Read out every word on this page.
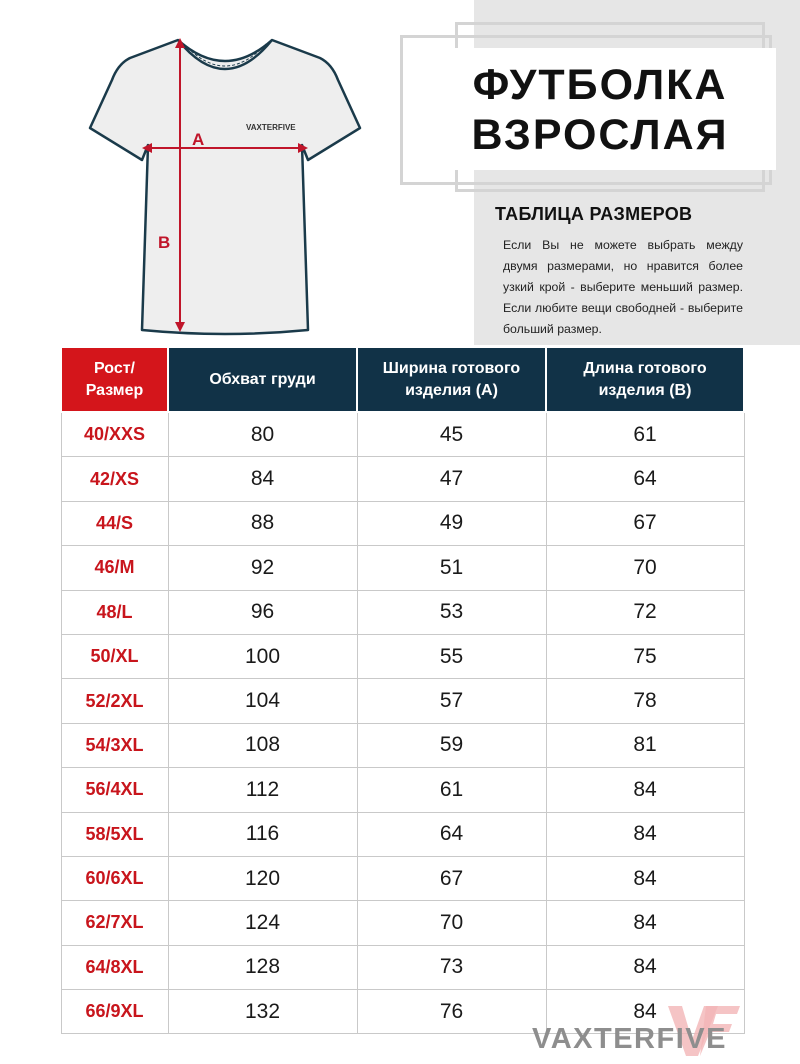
ФУТБОЛКА
ВЗРОСЛАЯ
ТАБЛИЦА РАЗМЕРОВ
Если Вы не можете выбрать между двумя размерами, но нравится более узкий крой - выберите меньший размер. Если любите вещи свободней - выберите больший размер.
A
B
VAXTERFIVE
Рост/ Размер	Обхват груди	Ширина готового изделия (A)	Длина готового изделия (B)
40/XXS	80	45	61
42/XS	84	47	64
44/S	88	49	67
46/M	92	51	70
48/L	96	53	72
50/XL	100	55	75
52/2XL	104	57	78
54/3XL	108	59	81
56/4XL	112	61	84
58/5XL	116	64	84
60/6XL	120	67	84
62/7XL	124	70	84
64/8XL	128	73	84
66/9XL	132	76	84
VAXTERFIVE
VF
